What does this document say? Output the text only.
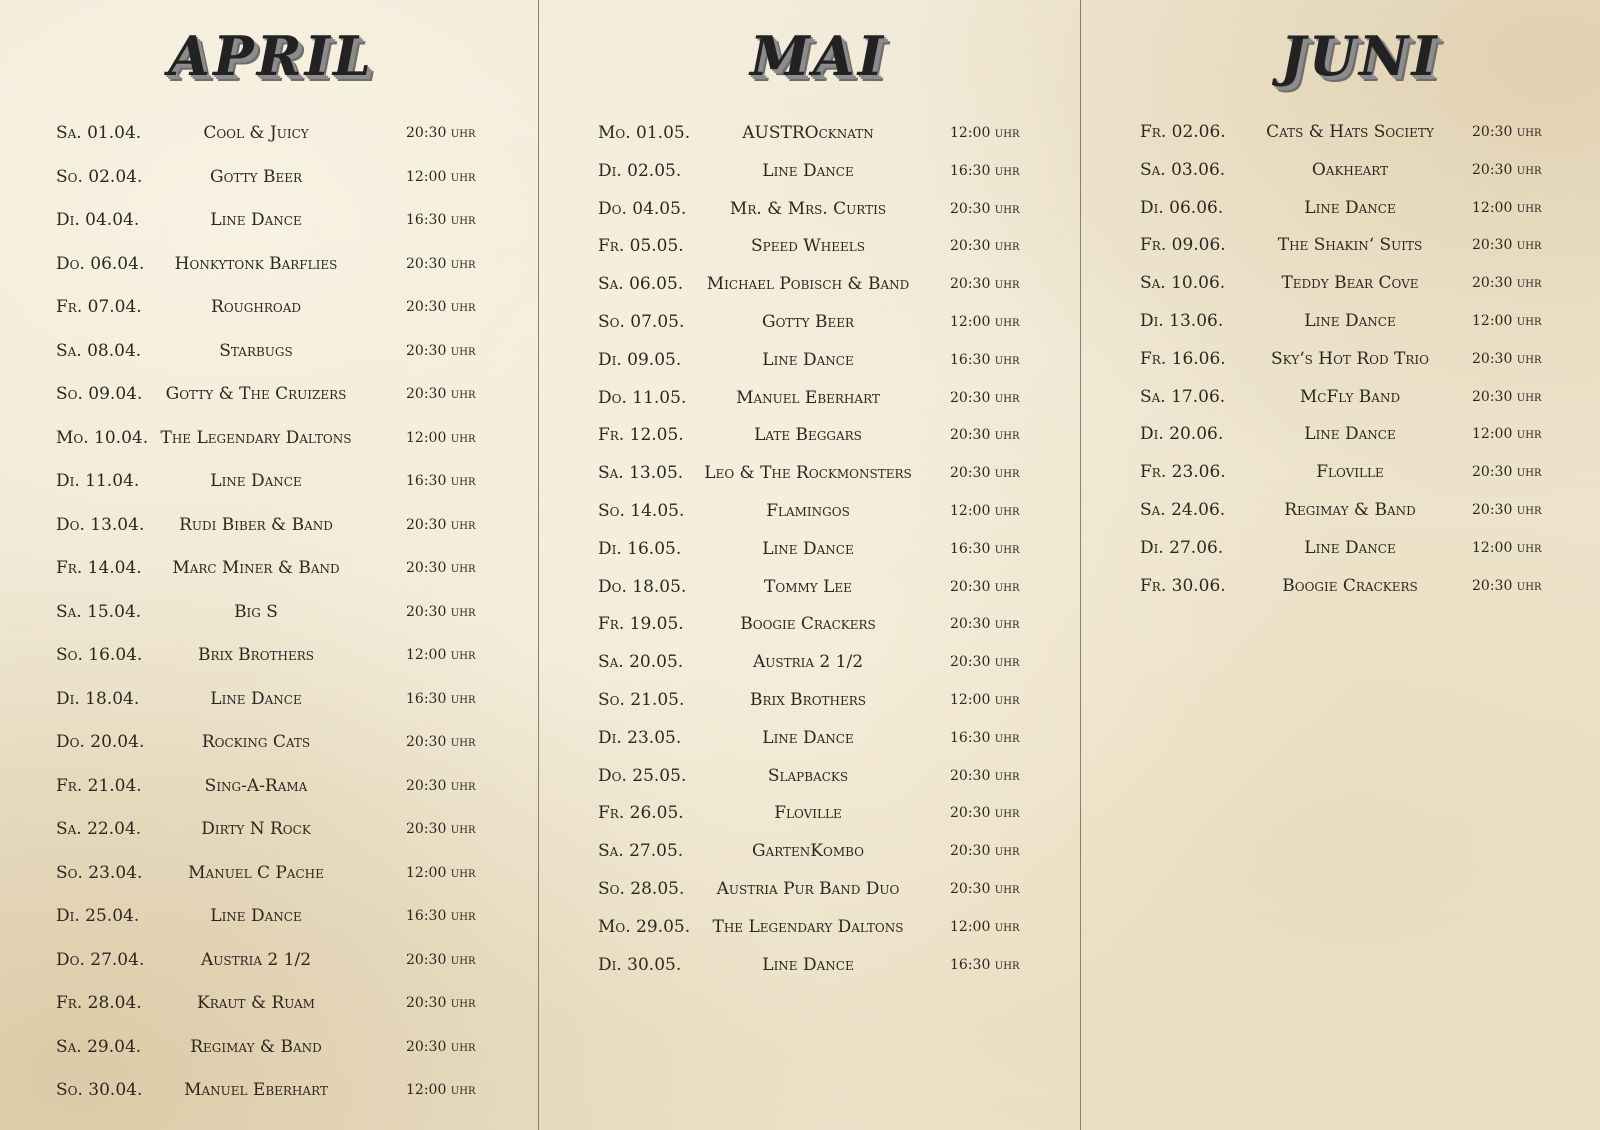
APRIL
Sa. 01.04.	Cool & Juicy	20:30 uhr
So. 02.04.	Gotty Beer	12:00 uhr
Di. 04.04.	Line Dance	16:30 uhr
Do. 06.04.	Honkytonk Barflies	20:30 uhr
Fr. 07.04.	Roughroad	20:30 uhr
Sa. 08.04.	Starbugs	20:30 uhr
So. 09.04.	Gotty & The Cruizers	20:30 uhr
Mo. 10.04. The Legendary Daltons	12:00 uhr
Di. 11.04.	Line Dance	16:30 uhr
Do. 13.04.	Rudi Biber & Band	20:30 uhr
Fr. 14.04.	Marc Miner & Band	20:30 uhr
Sa. 15.04.	Big S	20:30 uhr
So. 16.04.	Brix Brothers	12:00 uhr
Di. 18.04.	Line Dance	16:30 uhr
Do. 20.04.	Rocking Cats	20:30 uhr
Fr. 21.04.	Sing-A-Rama	20:30 uhr
Sa. 22.04.	Dirty N Rock	20:30 uhr
So. 23.04.	Manuel C Pache	12:00 uhr
Di. 25.04.	Line Dance	16:30 uhr
Do. 27.04.	Austria 2 1/2	20:30 uhr
Fr. 28.04.	Kraut & Ruam	20:30 uhr
Sa. 29.04.	Regimay & Band	20:30 uhr
So. 30.04.	Manuel Eberhart	12:00 uhr
MAI
Mo. 01.05.	AUSTROcknatn	12:00 uhr
Di. 02.05.	Line Dance	16:30 uhr
Do. 04.05.	Mr. & Mrs. Curtis	20:30 uhr
Fr. 05.05.	Speed Wheels	20:30 uhr
Sa. 06.05.	Michael Pobisch & Band	20:30 uhr
So. 07.05.	Gotty Beer	12:00 uhr
Di. 09.05.	Line Dance	16:30 uhr
Do. 11.05.	Manuel Eberhart	20:30 uhr
Fr. 12.05.	Late Beggars	20:30 uhr
Sa. 13.05.	Leo & The Rockmonsters	20:30 uhr
So. 14.05.	Flamingos	12:00 uhr
Di. 16.05.	Line Dance	16:30 uhr
Do. 18.05.	Tommy Lee	20:30 uhr
Fr. 19.05.	Boogie Crackers	20:30 uhr
Sa. 20.05.	Austria 2 1/2	20:30 uhr
So. 21.05.	Brix Brothers	12:00 uhr
Di. 23.05.	Line Dance	16:30 uhr
Do. 25.05.	Slapbacks	20:30 uhr
Fr. 26.05.	Floville	20:30 uhr
Sa. 27.05.	GartenKombo	20:30 uhr
So. 28.05.	Austria Pur Band Duo	20:30 uhr
Mo. 29.05.	The Legendary Daltons	12:00 uhr
Di. 30.05.	Line Dance	16:30 uhr
JUNI
Fr. 02.06.	Cats & Hats Society	20:30 uhr
Sa. 03.06.	Oakheart	20:30 uhr
Di. 06.06.	Line Dance	12:00 uhr
Fr. 09.06.	The Shakin‘ Suits	20:30 uhr
Sa. 10.06.	Teddy Bear Cove	20:30 uhr
Di. 13.06.	Line Dance	12:00 uhr
Fr. 16.06.	Sky‘s Hot Rod Trio	20:30 uhr
Sa. 17.06.	McFly Band	20:30 uhr
Di. 20.06.	Line Dance	12:00 uhr
Fr. 23.06.	Floville	20:30 uhr
Sa. 24.06.	Regimay & Band	20:30 uhr
Di. 27.06.	Line Dance	12:00 uhr
Fr. 30.06.	Boogie Crackers	20:30 uhr
